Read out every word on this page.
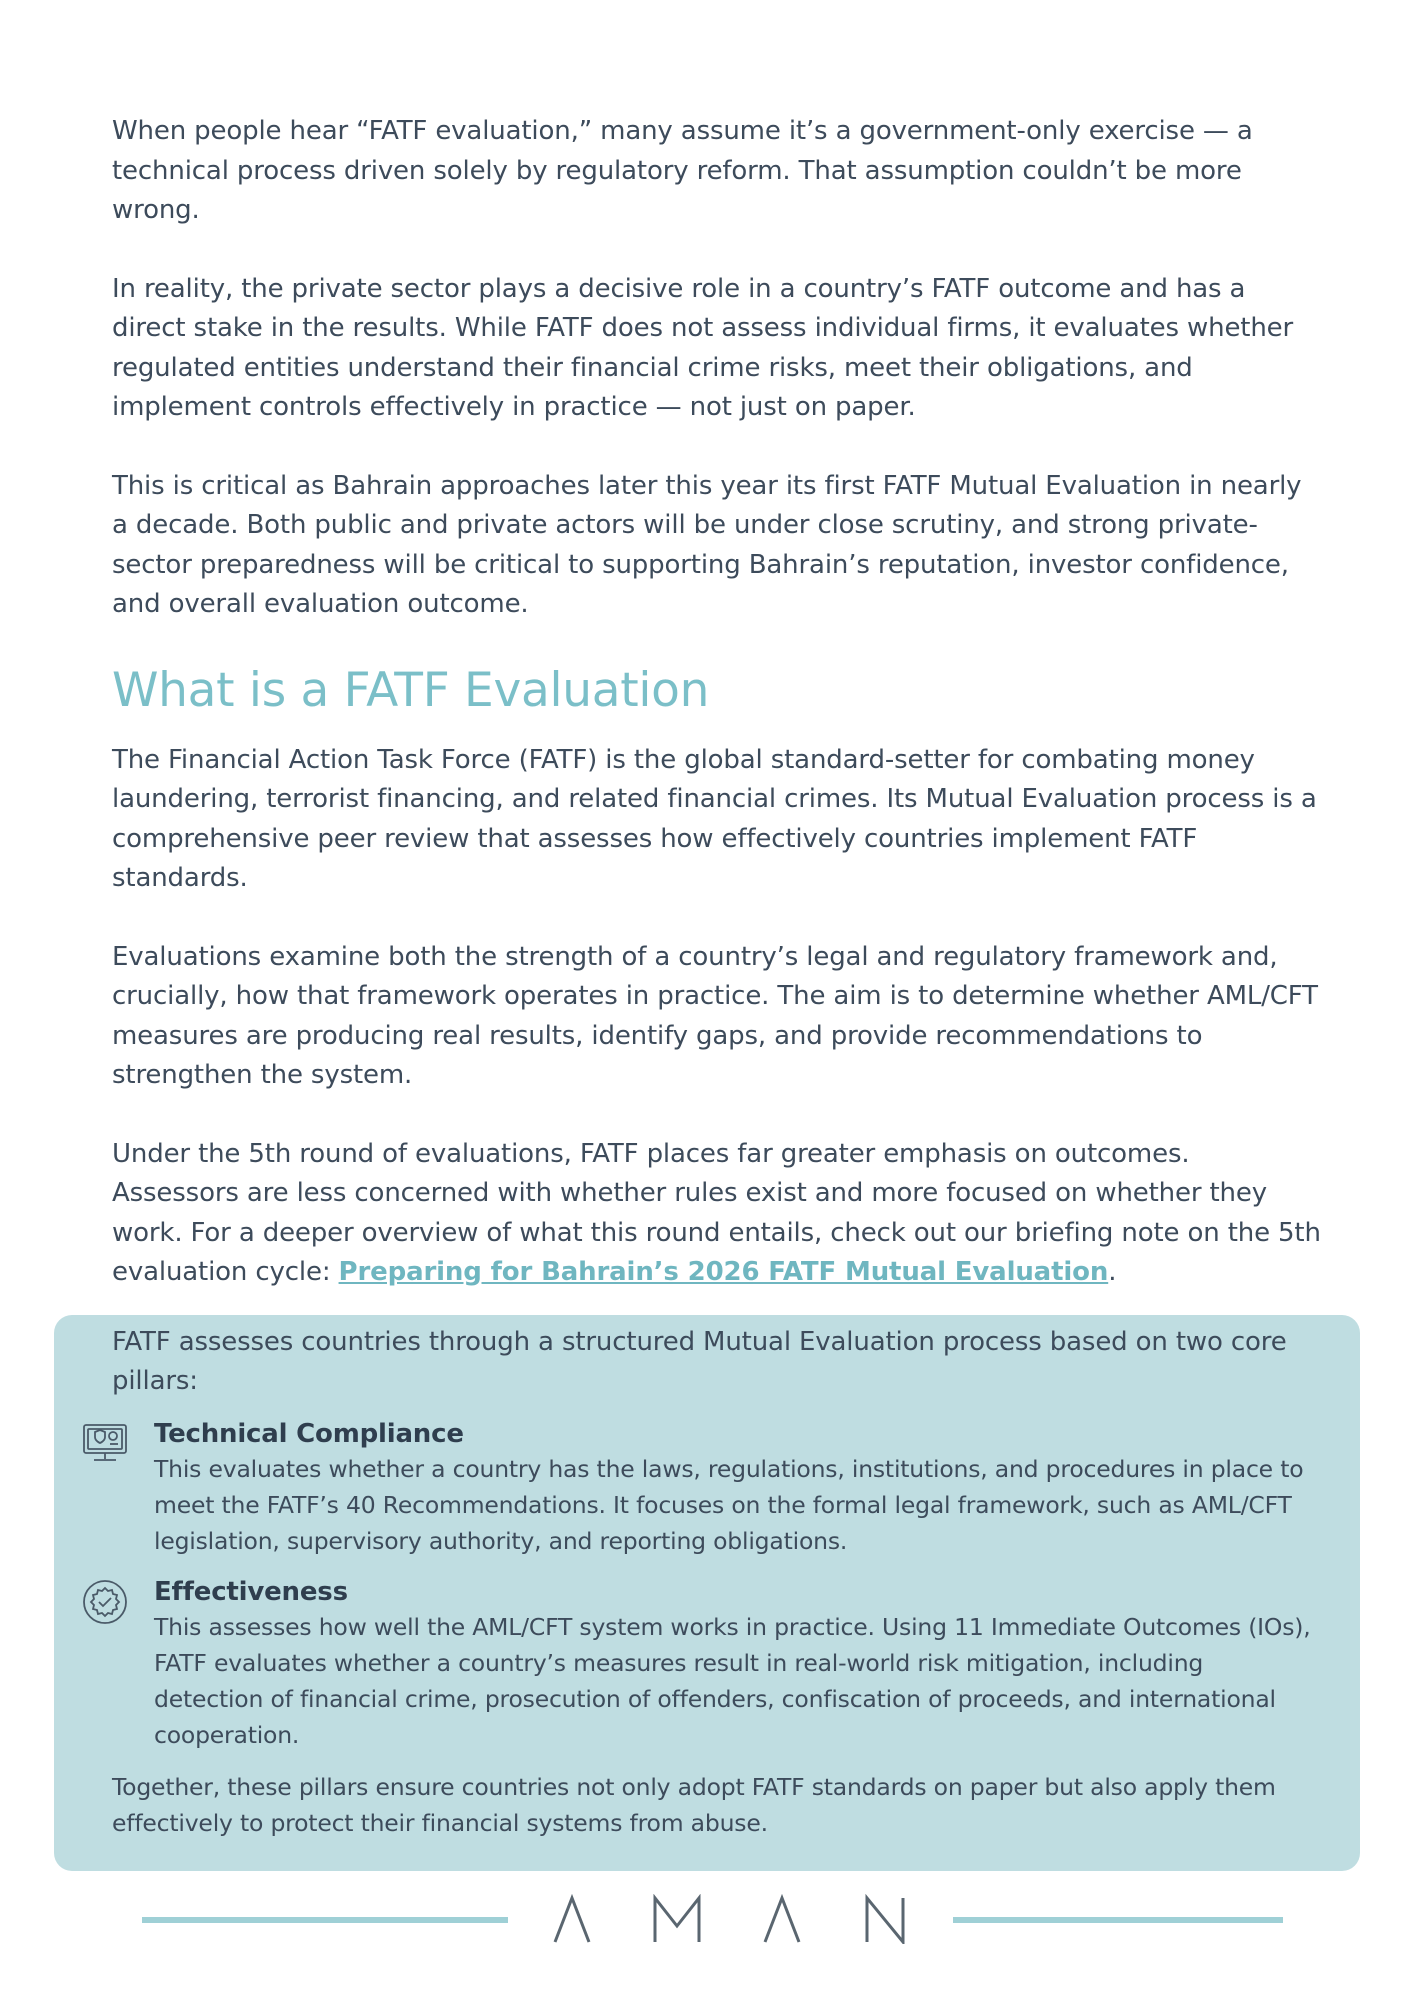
When people hear “FATF evaluation,” many assume it’s a government-only exercise — a technical process driven solely by regulatory reform. That assumption couldn’t be more wrong.

In reality, the private sector plays a decisive role in a country’s FATF outcome and has a direct stake in the results. While FATF does not assess individual firms, it evaluates whether regulated entities understand their financial crime risks, meet their obligations, and implement controls effectively in practice — not just on paper.

This is critical as Bahrain approaches later this year its first FATF Mutual Evaluation in nearly a decade. Both public and private actors will be under close scrutiny, and strong private-sector preparedness will be critical to supporting Bahrain’s reputation, investor confidence, and overall evaluation outcome.

What is a FATF Evaluation

The Financial Action Task Force (FATF) is the global standard-setter for combating money laundering, terrorist financing, and related financial crimes. Its Mutual Evaluation process is a comprehensive peer review that assesses how effectively countries implement FATF standards.

Evaluations examine both the strength of a country’s legal and regulatory framework and, crucially, how that framework operates in practice. The aim is to determine whether AML/CFT measures are producing real results, identify gaps, and provide recommendations to strengthen the system.

Under the 5th round of evaluations, FATF places far greater emphasis on outcomes. Assessors are less concerned with whether rules exist and more focused on whether they work. For a deeper overview of what this round entails, check out our briefing note on the 5th evaluation cycle: Preparing for Bahrain’s 2026 FATF Mutual Evaluation.

FATF assesses countries through a structured Mutual Evaluation process based on two core pillars:

Technical Compliance

This evaluates whether a country has the laws, regulations, institutions, and procedures in place to meet the FATF’s 40 Recommendations. It focuses on the formal legal framework, such as AML/CFT legislation, supervisory authority, and reporting obligations.

Effectiveness

This assesses how well the AML/CFT system works in practice. Using 11 Immediate Outcomes (IOs), FATF evaluates whether a country’s measures result in real-world risk mitigation, including detection of financial crime, prosecution of offenders, confiscation of proceeds, and international cooperation.

Together, these pillars ensure countries not only adopt FATF standards on paper but also apply them effectively to protect their financial systems from abuse.
